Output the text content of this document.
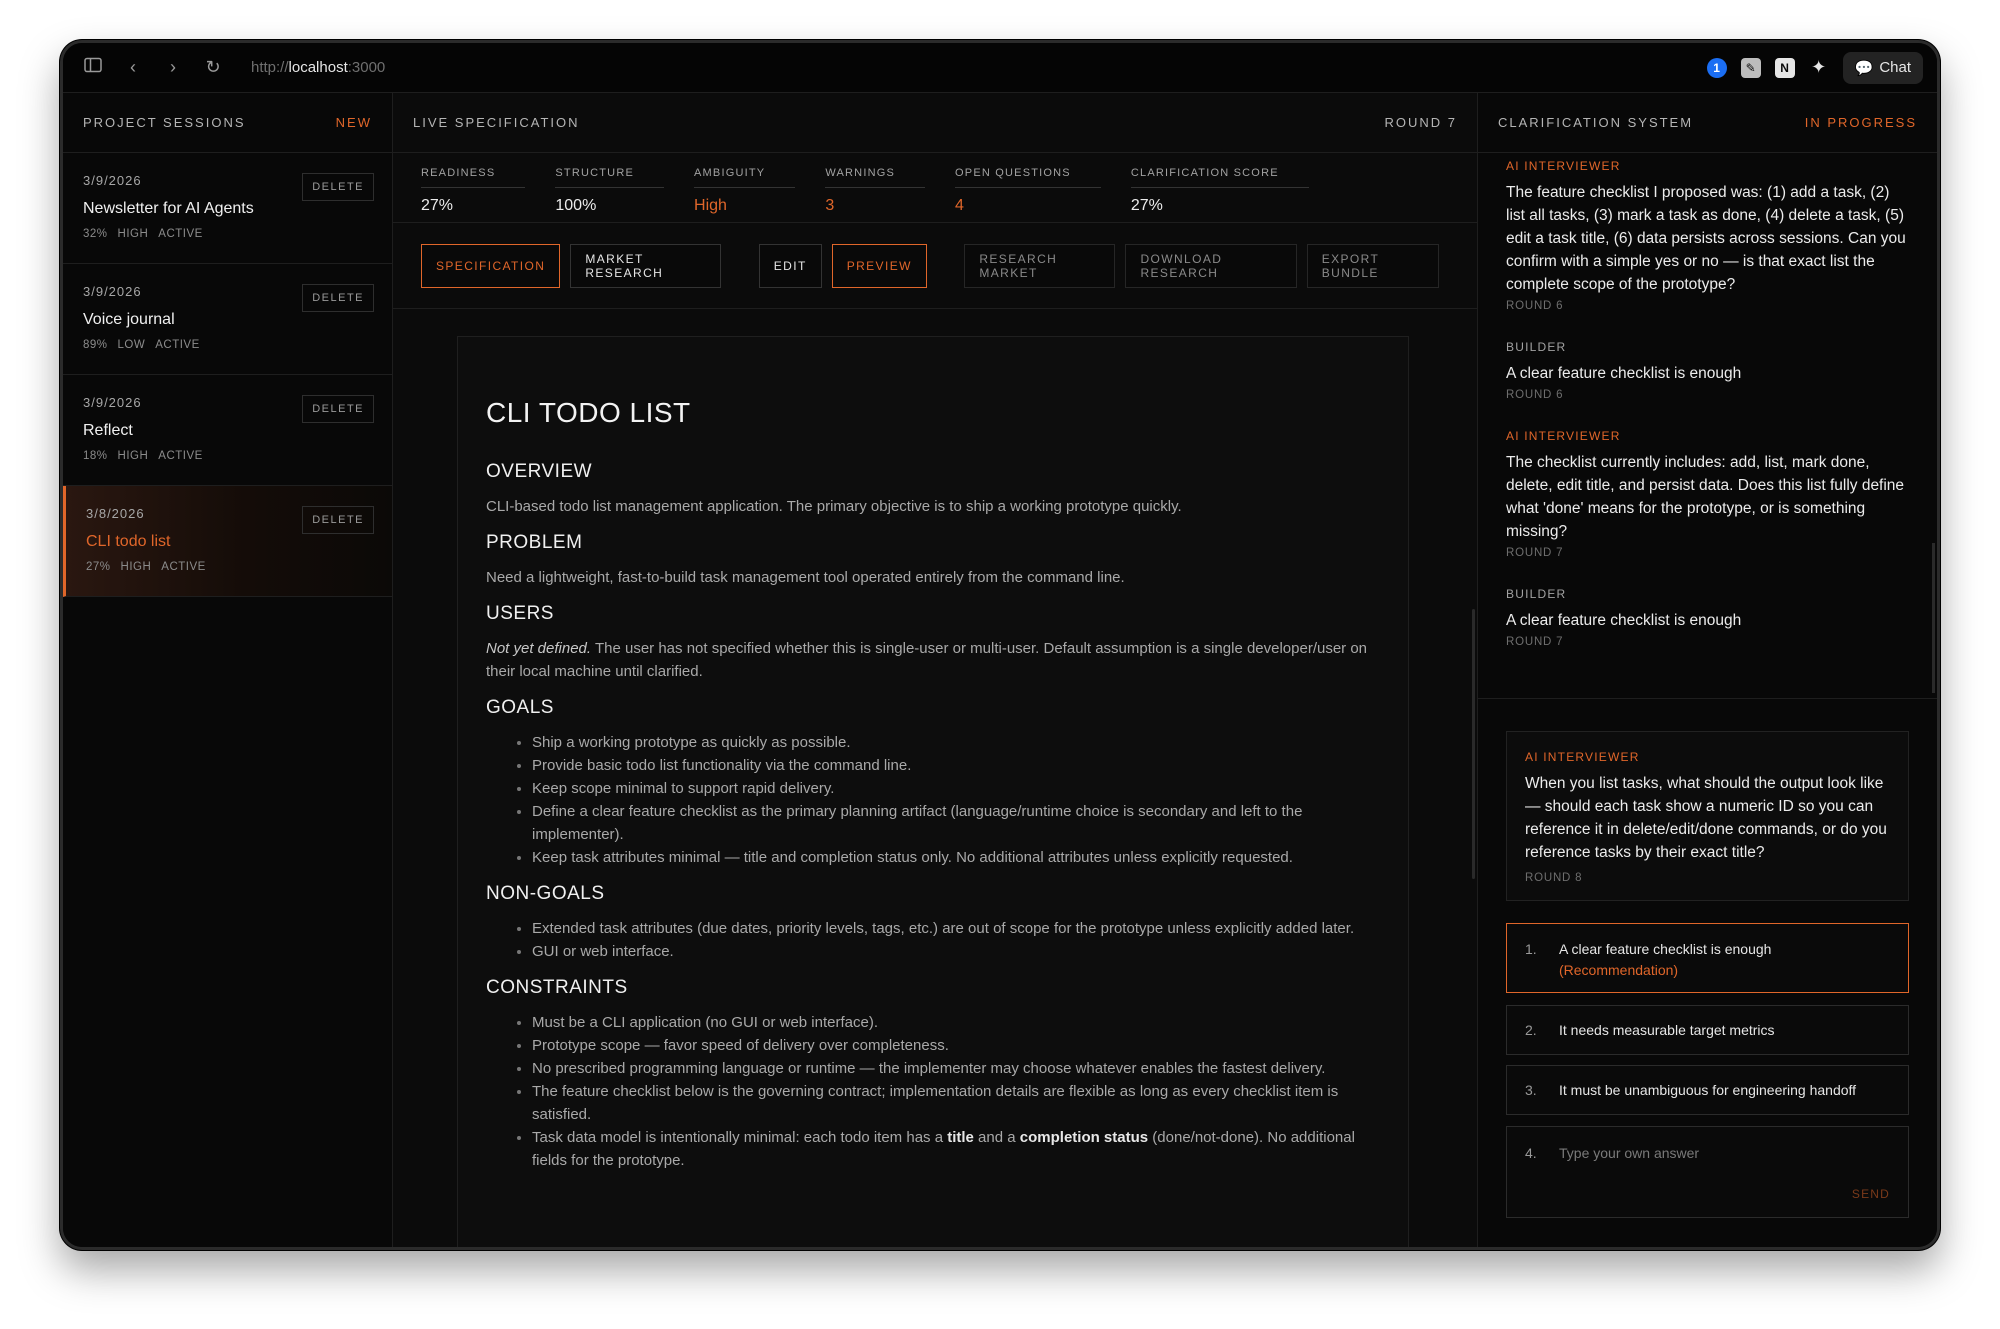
‹	›	↻ http://localhost:3000	1	✎	N	✦ 💬 Chat
PROJECT SESSIONS	NEW
3/9/2026
Newsletter for AI Agents
32% HIGH ACTIVE
DELETE
3/9/2026
Voice journal
89% LOW ACTIVE
DELETE
3/9/2026
Reflect
18% HIGH ACTIVE
DELETE
3/8/2026
CLI todo list
27% HIGH ACTIVE
DELETE
LIVE SPECIFICATION	ROUND 7
READINESS
27%
STRUCTURE
100%
AMBIGUITY
High
WARNINGS
3
OPEN QUESTIONS
4
CLARIFICATION SCORE
27%
SPECIFICATION	MARKET RESEARCH	EDIT	PREVIEW	RESEARCH MARKET
DOWNLOAD RESEARCH
EXPORT BUNDLE
CLI TODO LIST
OVERVIEW

CLI-based todo list management application. The primary objective is to ship a working prototype quickly.

PROBLEM

Need a lightweight, fast-to-build task management tool operated entirely from the command line.

USERS

Not yet defined. The user has not specified whether this is single-user or multi-user. Default assumption is a single developer/user on their local machine until clarified.

GOALS
• Ship a working prototype as quickly as possible.
• Provide basic todo list functionality via the command line.
• Keep scope minimal to support rapid delivery.
• Define a clear feature checklist as the primary planning artifact (language/runtime choice is secondary and left to the implementer).
• Keep task attributes minimal — title and completion status only. No additional attributes unless explicitly requested.
NON-GOALS
• Extended task attributes (due dates, priority levels, tags, etc.) are out of scope for the prototype unless explicitly added later.
• GUI or web interface.
CONSTRAINTS
• Must be a CLI application (no GUI or web interface).
• Prototype scope — favor speed of delivery over completeness.
• No prescribed programming language or runtime — the implementer may choose whatever enables the fastest delivery.
• The feature checklist below is the governing contract; implementation details are flexible as long as every checklist item is satisfied.
• Task data model is intentionally minimal: each todo item has a title and a completion status (done/not-done). No additional fields for the prototype.
CLARIFICATION SYSTEM	IN PROGRESS
AI INTERVIEWER
The feature checklist I proposed was: (1) add a task, (2) list all tasks, (3) mark a task as done, (4) delete a task, (5) edit a task title, (6) data persists across sessions. Can you confirm with a simple yes or no — is that exact list the complete scope of the prototype?
ROUND 6
BUILDER
A clear feature checklist is enough
ROUND 6
AI INTERVIEWER
The checklist currently includes: add, list, mark done, delete, edit title, and persist data. Does this list fully define what 'done' means for the prototype, or is something missing?
ROUND 7
BUILDER
A clear feature checklist is enough
ROUND 7
AI INTERVIEWER
When you list tasks, what should the output look like — should each task show a numeric ID so you can reference it in delete/edit/done commands, or do you reference tasks by their exact title?
ROUND 8
1.	A clear feature checklist is enough
(Recommendation)
2.	It needs measurable target metrics
3.	It must be unambiguous for engineering handoff
4.	Type your own answer
SEND
